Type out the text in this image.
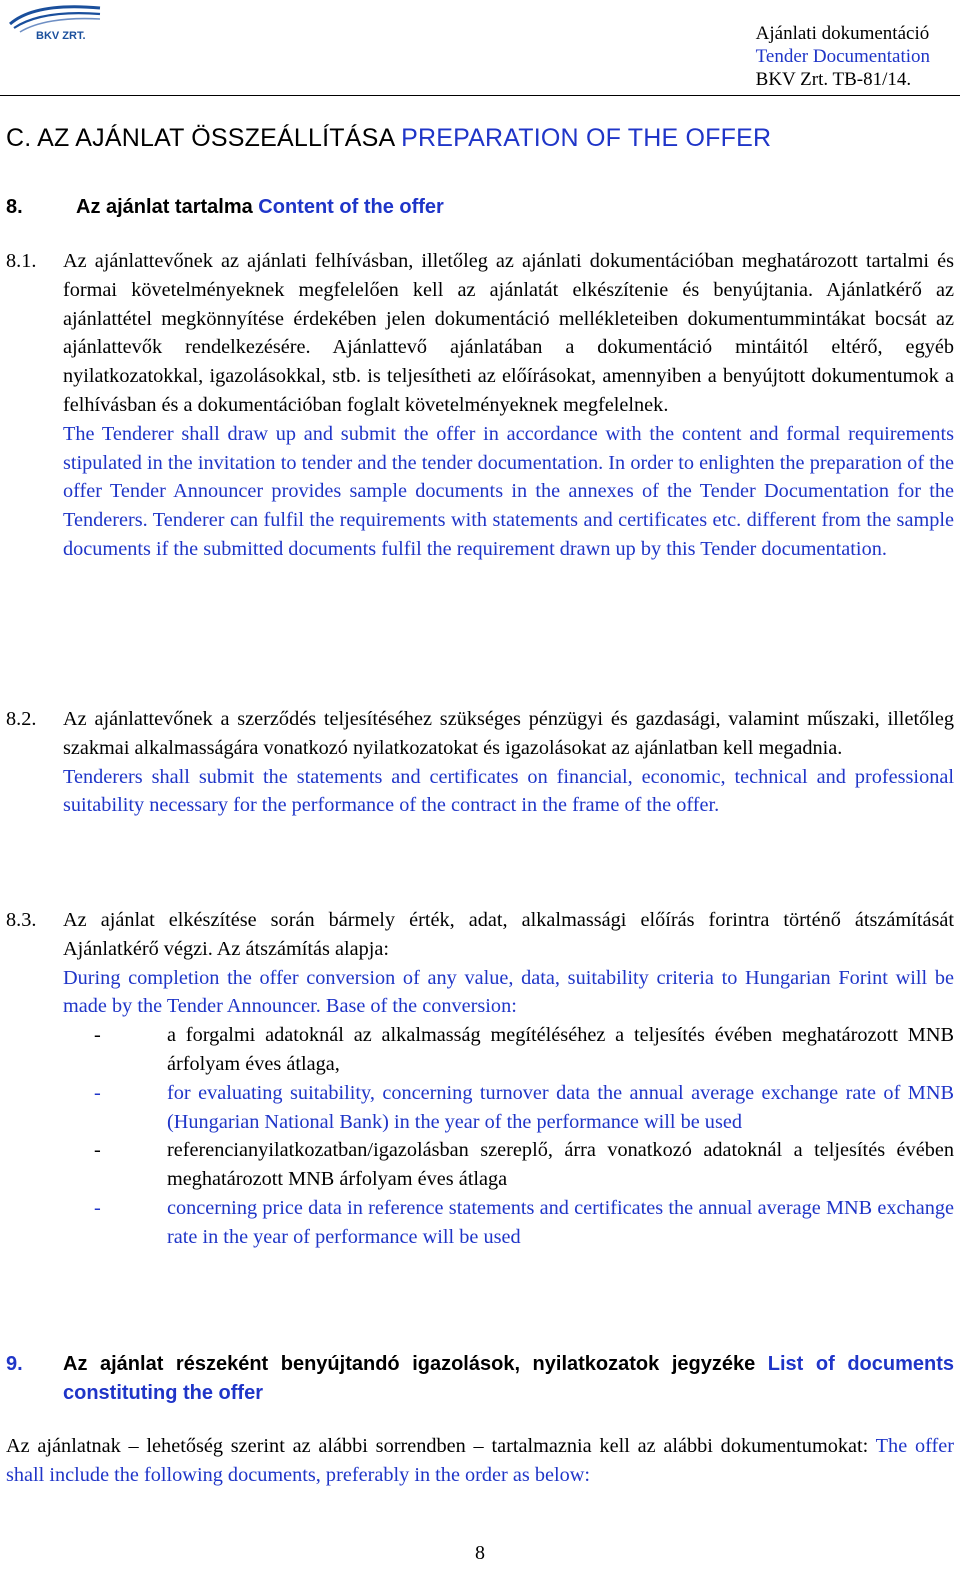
BKV ZRT.	Ajánlati dokumentáció
Tender Documentation
BKV Zrt. TB-81/14.
C. AZ AJÁNLAT ÖSSZEÁLLÍTÁSA PREPARATION OF THE OFFER
8.	Az ajánlat tartalma Content of the offer
8.1.	Az ajánlattevőnek az ajánlati felhívásban, illetőleg az ajánlati dokumentációban meghatározott tartalmi és formai követelményeknek megfelelően kell az ajánlatát elkészítenie és benyújtania. Ajánlatkérő az ajánlattétel megkönnyítése érdekében jelen dokumentáció mellékleteiben dokumentummintákat bocsát az ajánlattevők rendelkezésére. Ajánlattevő ajánlatában a dokumentáció mintáitól eltérő, egyéb nyilatkozatokkal, igazolásokkal, stb. is teljesítheti az előírásokat, amennyiben a benyújtott dokumentumok a felhívásban és a dokumentációban foglalt követelményeknek megfelelnek.

The Tenderer shall draw up and submit the offer in accordance with the content and formal requirements stipulated in the invitation to tender and the tender documentation. In order to enlighten the preparation of the offer Tender Announcer provides sample documents in the annexes of the Tender Documentation for the Tenderers. Tenderer can fulfil the requirements with statements and certificates etc. different from the sample documents if the submitted documents fulfil the requirement drawn up by this Tender documentation.

8.2.	Az ajánlattevőnek a szerződés teljesítéséhez szükséges pénzügyi és gazdasági, valamint műszaki, illetőleg szakmai alkalmasságára vonatkozó nyilatkozatokat és igazolásokat az ajánlatban kell megadnia.

Tenderers shall submit the statements and certificates on financial, economic, technical and professional suitability necessary for the performance of the contract in the frame of the offer.

8.3.	Az ajánlat elkészítése során bármely érték, adat, alkalmassági előírás forintra történő átszámítását Ajánlatkérő végzi. Az átszámítás alapja:

During completion the offer conversion of any value, data, suitability criteria to Hungarian Forint will be made by the Tender Announcer. Base of the conversion:

-	a forgalmi adatoknál az alkalmasság megítéléséhez a teljesítés évében meghatározott MNB árfolyam éves átlaga,
-	for evaluating suitability, concerning turnover data the annual average exchange rate of MNB (Hungarian National Bank) in the year of the performance will be used
-	referencianyilatkozatban/igazolásban szereplő, árra vonatkozó adatoknál a teljesítés évében meghatározott MNB árfolyam éves átlaga
-	concerning price data in reference statements and certificates the annual average MNB exchange rate in the year of performance will be used
9. Az ajánlat részeként benyújtandó igazolások, nyilatkozatok jegyzéke List of documents constituting the offer
Az ajánlatnak – lehetőség szerint az alábbi sorrendben – tartalmaznia kell az alábbi dokumentumokat: The offer shall include the following documents, preferably in the order as below:
8
